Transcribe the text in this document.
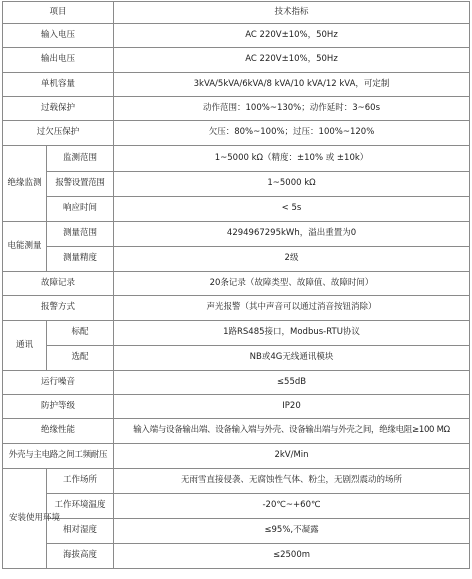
项目		技术指标
输入电压		AC 220V±10%，50Hz
输出电压		AC 220V±10%，50Hz
单机容量		3kVA/5kVA/6kVA/8 kVA/10 kVA/12 kVA，可定制
过载保护		动作范围：100%~130%；动作延时：3~60s
过欠压保护		欠压：80%~100%；过压：100%~120%
绝缘监测	监测范围	1~5000 kΩ（精度：±10% 或 ±10k）
	报警设置范围	1~5000 kΩ
	响应时间	< 5s
电能测量	测量范围	4294967295kWh，溢出重置为0
	测量精度	2级
故障记录		20条记录（故障类型、故障值、故障时间）
报警方式		声光报警（其中声音可以通过消音按钮消除）
通讯	标配	1路RS485接口，Modbus-RTU协议
	选配	NB或4G无线通讯模块
运行噪音		≤55dB
防护等级		IP20
绝缘性能		输入端与设备输出端、设备输入端与外壳、设备输出端与外壳之间，绝缘电阻≥100 MΩ
外壳与主电路之间工频耐压		2kV/Min
安装使用环境	工作场所	无雨雪直接侵袭、无腐蚀性气体、粉尘，无剧烈震动的场所
	工作环境温度	-20℃~+60℃
	相对湿度	≤95%,不凝露
	海拔高度	≤2500m
